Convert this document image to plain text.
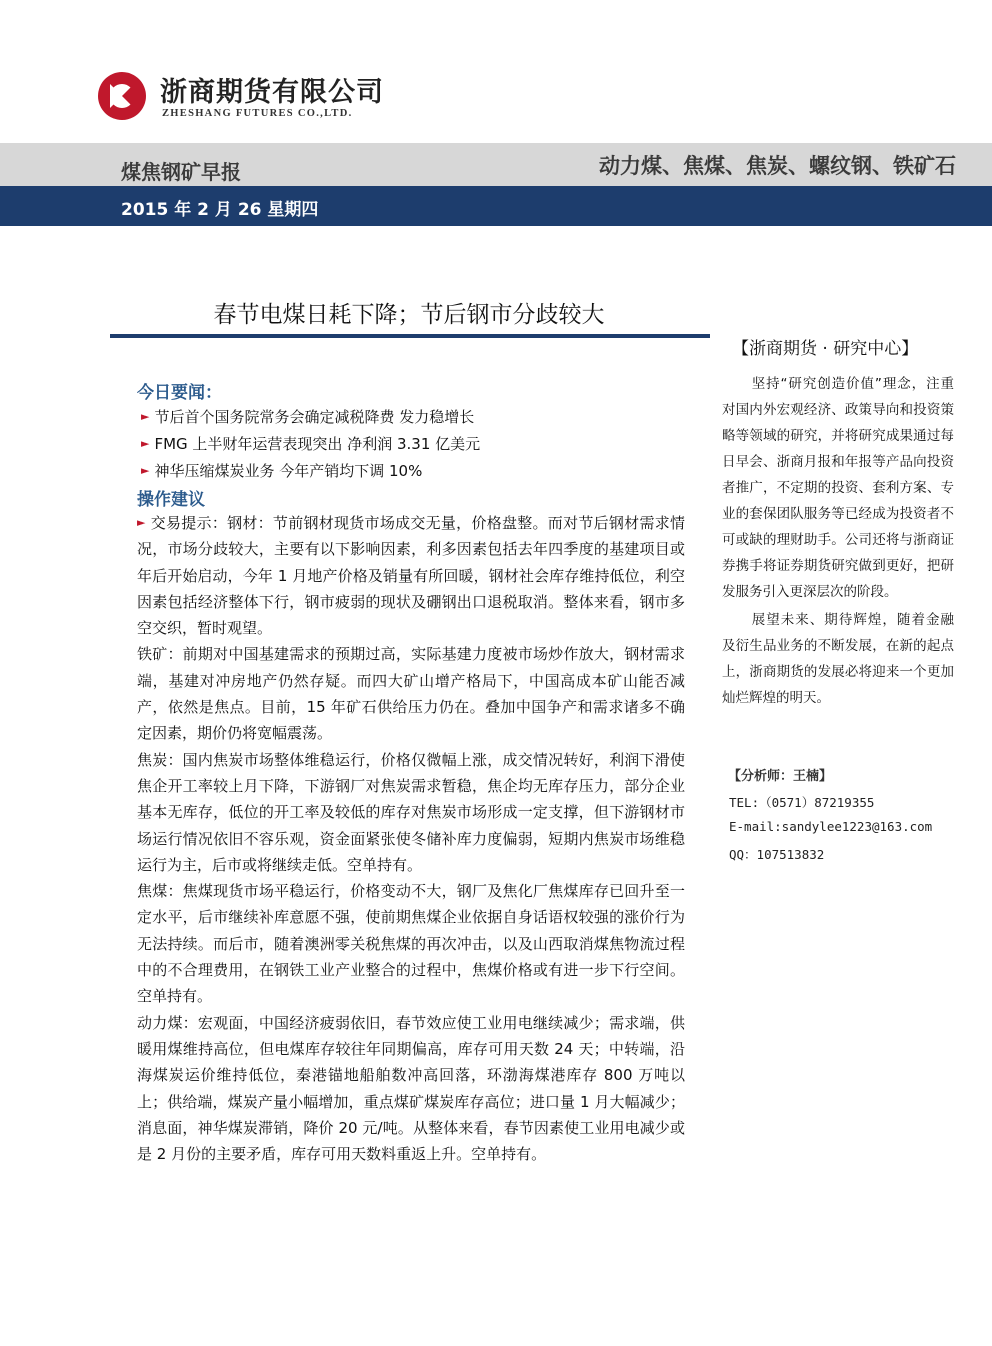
浙商期货有限公司
ZHESHANG FUTURES CO.,LTD.
煤焦钢矿早报	动力煤、焦煤、焦炭、螺纹钢、铁矿石
2015 年 2 月 26 星期四
春节电煤日耗下降；节后钢市分歧较大
今日要闻：
► 节后首个国务院常务会确定减税降费 发力稳增长
► FMG 上半财年运营表现突出 净利润 3.31 亿美元
► 神华压缩煤炭业务 今年产销均下调 10%
操作建议

► 交易提示：钢材：节前钢材现货市场成交无量，价格盘整。而对节后钢材需求情况，市场分歧较大，主要有以下影响因素，利多因素包括去年四季度的基建项目或年后开始启动，今年 1 月地产价格及销量有所回暖，钢材社会库存维持低位，利空因素包括经济整体下行，钢市疲弱的现状及硼钢出口退税取消。整体来看，钢市多空交织，暂时观望。

铁矿：前期对中国基建需求的预期过高，实际基建力度被市场炒作放大，钢材需求端，基建对冲房地产仍然存疑。而四大矿山增产格局下，中国高成本矿山能否减产，依然是焦点。目前，15 年矿石供给压力仍在。叠加中国争产和需求诸多不确定因素，期价仍将宽幅震荡。

焦炭：国内焦炭市场整体维稳运行，价格仅微幅上涨，成交情况转好，利润下滑使焦企开工率较上月下降，下游钢厂对焦炭需求暂稳，焦企均无库存压力，部分企业基本无库存，低位的开工率及较低的库存对焦炭市场形成一定支撑，但下游钢材市场运行情况依旧不容乐观，资金面紧张使冬储补库力度偏弱，短期内焦炭市场维稳运行为主，后市或将继续走低。空单持有。

焦煤：焦煤现货市场平稳运行，价格变动不大，钢厂及焦化厂焦煤库存已回升至一定水平，后市继续补库意愿不强，使前期焦煤企业依据自身话语权较强的涨价行为无法持续。而后市，随着澳洲零关税焦煤的再次冲击，以及山西取消煤焦物流过程中的不合理费用，在钢铁工业产业整合的过程中，焦煤价格或有进一步下行空间。空单持有。

动力煤：宏观面，中国经济疲弱依旧，春节效应使工业用电继续减少；需求端，供暖用煤维持高位，但电煤库存较往年同期偏高，库存可用天数 24 天；中转端，沿海煤炭运价维持低位，秦港锚地船舶数冲高回落，环渤海煤港库存 800 万吨以上；供给端，煤炭产量小幅增加，重点煤矿煤炭库存高位；进口量 1 月大幅减少；消息面，神华煤炭滞销，降价 20 元/吨。从整体来看，春节因素使工业用电减少或是 2 月份的主要矛盾，库存可用天数料重返上升。空单持有。

【浙商期货 · 研究中心】

坚持“研究创造价值”理念，注重对国内外宏观经济、政策导向和投资策略等领域的研究，并将研究成果通过每日早会、浙商月报和年报等产品向投资者推广，不定期的投资、套利方案、专业的套保团队服务等已经成为投资者不可或缺的理财助手。公司还将与浙商证券携手将证券期货研究做到更好，把研发服务引入更深层次的阶段。

展望未来、期待辉煌，随着金融及衍生品业务的不断发展，在新的起点上，浙商期货的发展必将迎来一个更加灿烂辉煌的明天。

【分析师：王楠】
TEL:（0571）87219355
E-mail:sandylee1223@163.com
QQ：107513832
